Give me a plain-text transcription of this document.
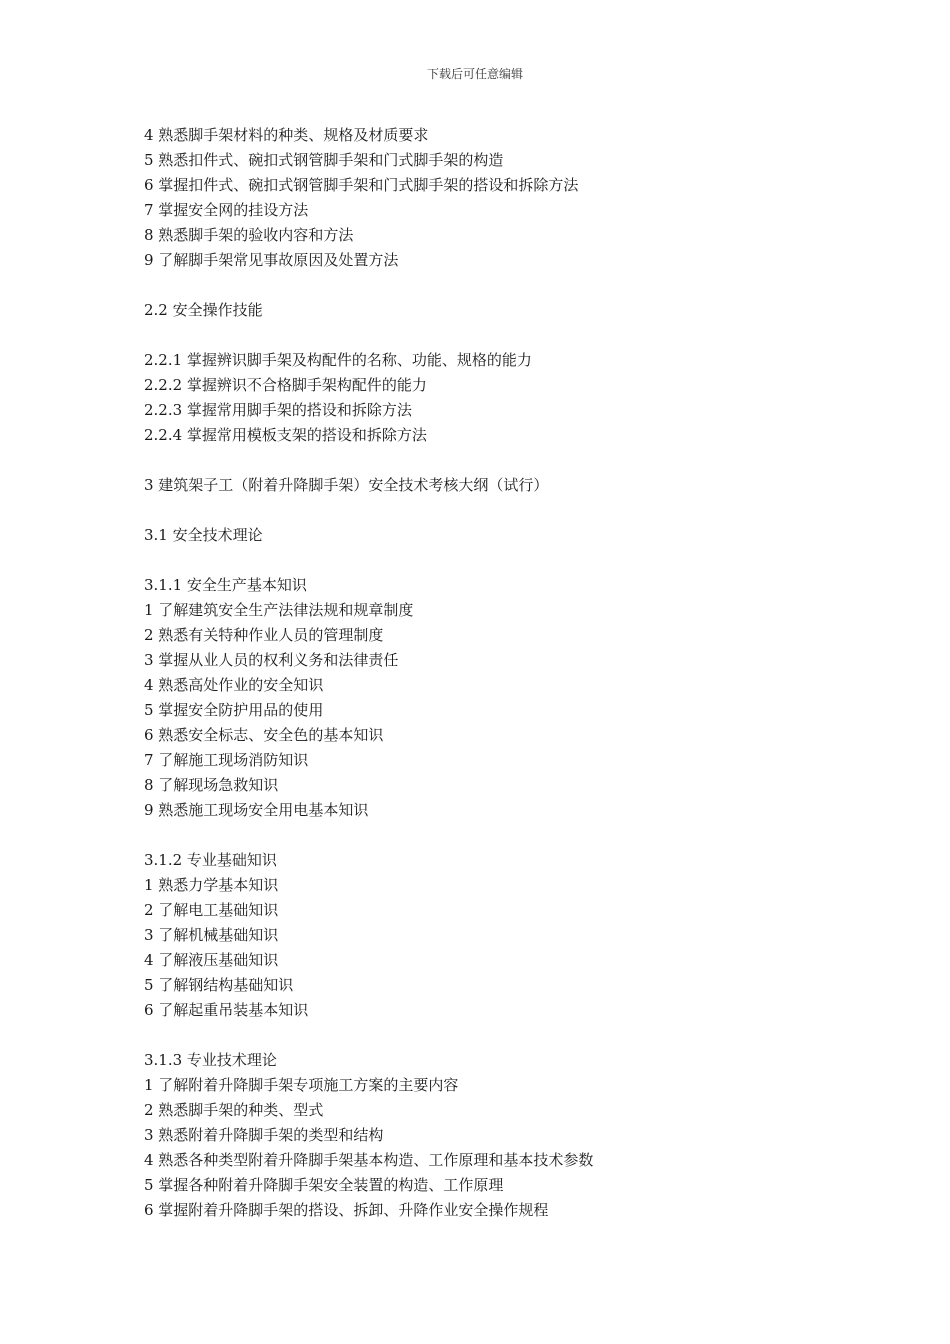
下载后可任意编辑
4 熟悉脚手架材料的种类、规格及材质要求
5 熟悉扣件式、碗扣式钢管脚手架和门式脚手架的构造
6 掌握扣件式、碗扣式钢管脚手架和门式脚手架的搭设和拆除方法
7 掌握安全网的挂设方法
8 熟悉脚手架的验收内容和方法
9 了解脚手架常见事故原因及处置方法
2.2 安全操作技能
2.2.1 掌握辨识脚手架及构配件的名称、功能、规格的能力
2.2.2 掌握辨识不合格脚手架构配件的能力
2.2.3 掌握常用脚手架的搭设和拆除方法
2.2.4 掌握常用模板支架的搭设和拆除方法
3 建筑架子工（附着升降脚手架）安全技术考核大纲（试行）
3.1 安全技术理论
3.1.1 安全生产基本知识
1 了解建筑安全生产法律法规和规章制度
2 熟悉有关特种作业人员的管理制度
3 掌握从业人员的权利义务和法律责任
4 熟悉高处作业的安全知识
5 掌握安全防护用品的使用
6 熟悉安全标志、安全色的基本知识
7 了解施工现场消防知识
8 了解现场急救知识
9 熟悉施工现场安全用电基本知识
3.1.2 专业基础知识
1 熟悉力学基本知识
2 了解电工基础知识
3 了解机械基础知识
4 了解液压基础知识
5 了解钢结构基础知识
6 了解起重吊装基本知识
3.1.3 专业技术理论
1 了解附着升降脚手架专项施工方案的主要内容
2 熟悉脚手架的种类、型式
3 熟悉附着升降脚手架的类型和结构
4 熟悉各种类型附着升降脚手架基本构造、工作原理和基本技术参数
5 掌握各种附着升降脚手架安全装置的构造、工作原理
6 掌握附着升降脚手架的搭设、拆卸、升降作业安全操作规程
